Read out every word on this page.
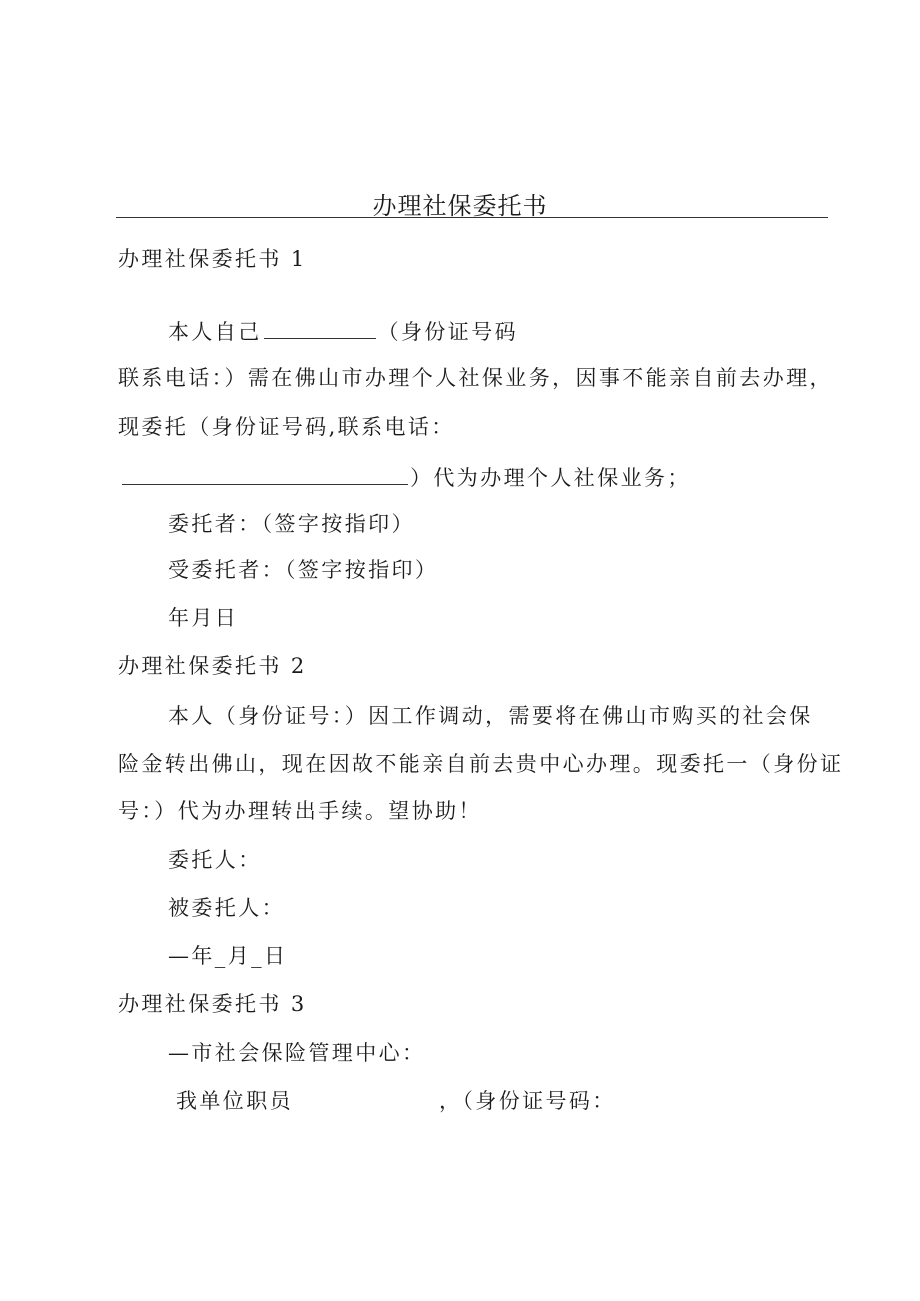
办理社保委托书
办理社保委托书 1
本人自己	（身份证号码
联系电话：）需在佛山市办理个人社保业务，因事不能亲自前去办理，
现委托（身份证号码,联系电话：
）代为办理个人社保业务；
委托者：（签字按指印）
受委托者：（签字按指印）
年月日
办理社保委托书 2
本人（身份证号：）因工作调动，需要将在佛山市购买的社会保
险金转出佛山，现在因故不能亲自前去贵中心办理。现委托一（身份证
号：）代为办理转出手续。望协助！
委托人：
被委托人：
—年_月_日
办理社保委托书 3
—市社会保险管理中心：
我单位职员	，（身份证号码：
